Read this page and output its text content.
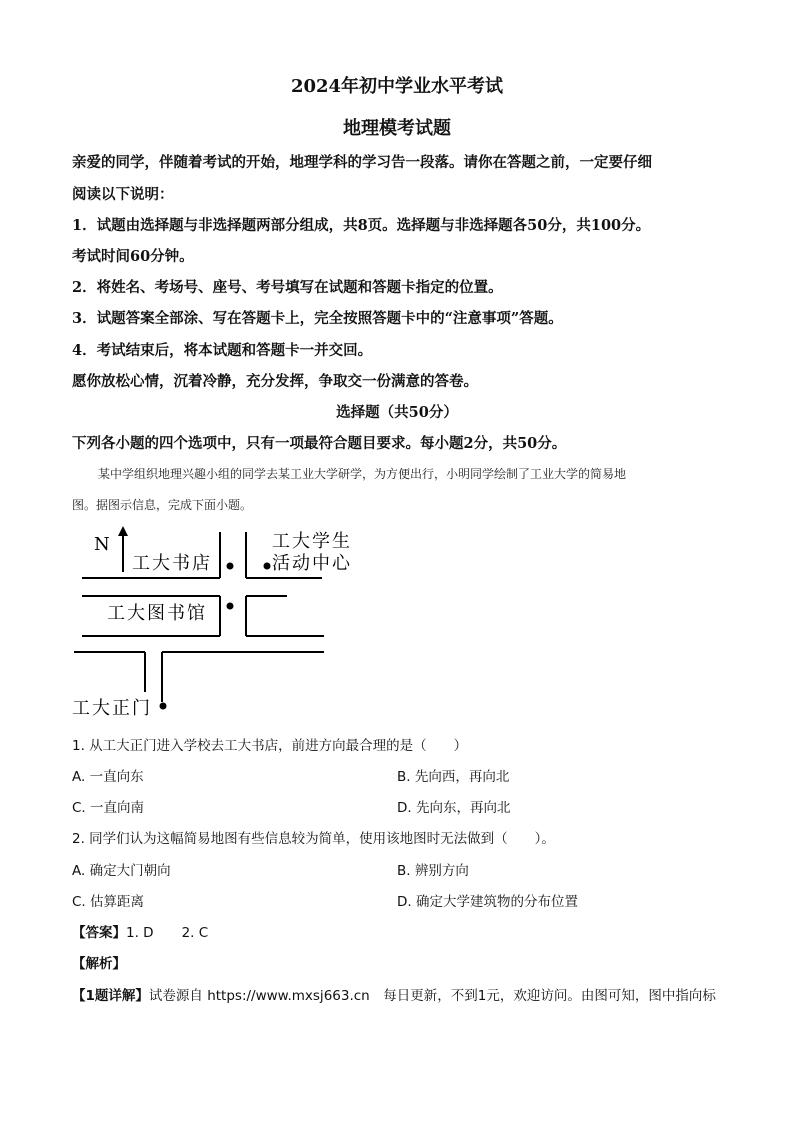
2024年初中学业水平考试
地理模考试题
亲爱的同学，伴随着考试的开始，地理学科的学习告一段落。请你在答题之前，一定要仔细
阅读以下说明：
1．试题由选择题与非选择题两部分组成，共8页。选择题与非选择题各50分，共100分。
考试时间60分钟。
2．将姓名、考场号、座号、考号填写在试题和答题卡指定的位置。
3．试题答案全部涂、写在答题卡上，完全按照答题卡中的“注意事项”答题。
4．考试结束后，将本试题和答题卡一并交回。
愿你放松心情，沉着冷静，充分发挥，争取交一份满意的答卷。
选择题（共50分）
下列各小题的四个选项中，只有一项最符合题目要求。每小题2分，共50分。
某中学组织地理兴趣小组的同学去某工业大学研学，为方便出行，小明同学绘制了工业大学的简易地
图。据图示信息，完成下面小题。
N
工大书店
工大学生
活动中心
工大图书馆
工大正门
1. 从工大正门进入学校去工大书店，前进方向最合理的是（　　）
A. 一直向东	B. 先向西，再向北
C. 一直向南	D. 先向东，再向北
2. 同学们认为这幅简易地图有些信息较为简单，使用该地图时无法做到（　　）。
A. 确定大门朝向	B. 辨别方向
C. 估算距离	D. 确定大学建筑物的分布位置
【答案】1. D 2. C
【解析】
【1题详解】试卷源自 https://www.mxsj663.cn　每日更新，不到1元，欢迎访问。由图可知，图中指向标
